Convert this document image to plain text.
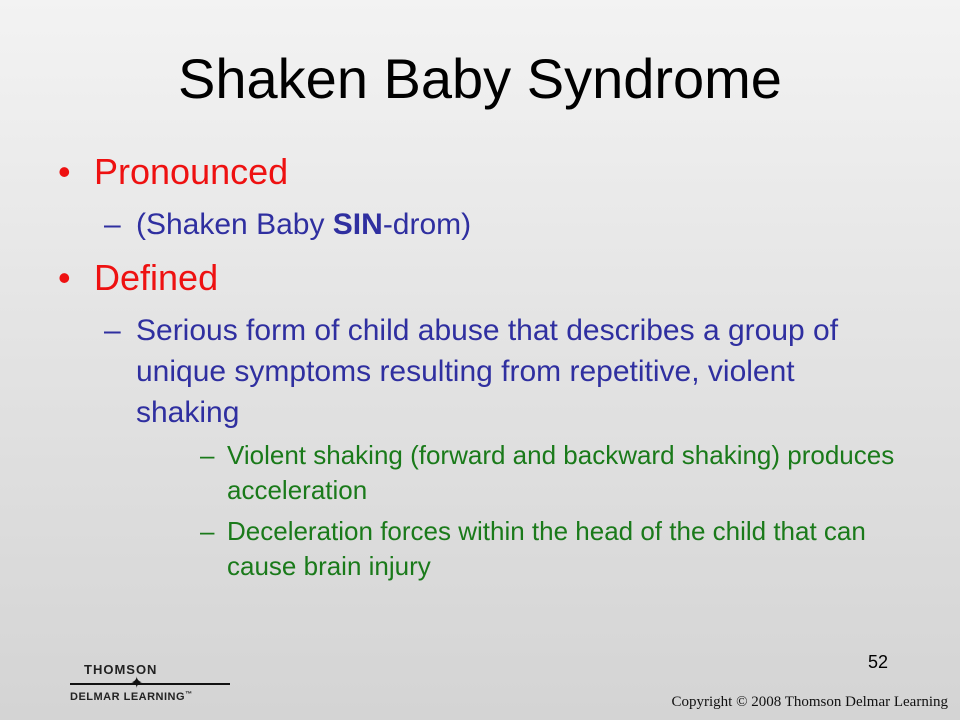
Shaken Baby Syndrome
• Pronounced
– (Shaken Baby SIN-drom)
• Defined
– Serious form of child abuse that describes a group of unique symptoms resulting from repetitive, violent shaking
– Violent shaking (forward and backward shaking) produces acceleration
– Deceleration forces within the head of the child that can cause brain injury
52
THOMSON
✦
DELMAR LEARNING™	Copyright © 2008 Thomson Delmar Learning
